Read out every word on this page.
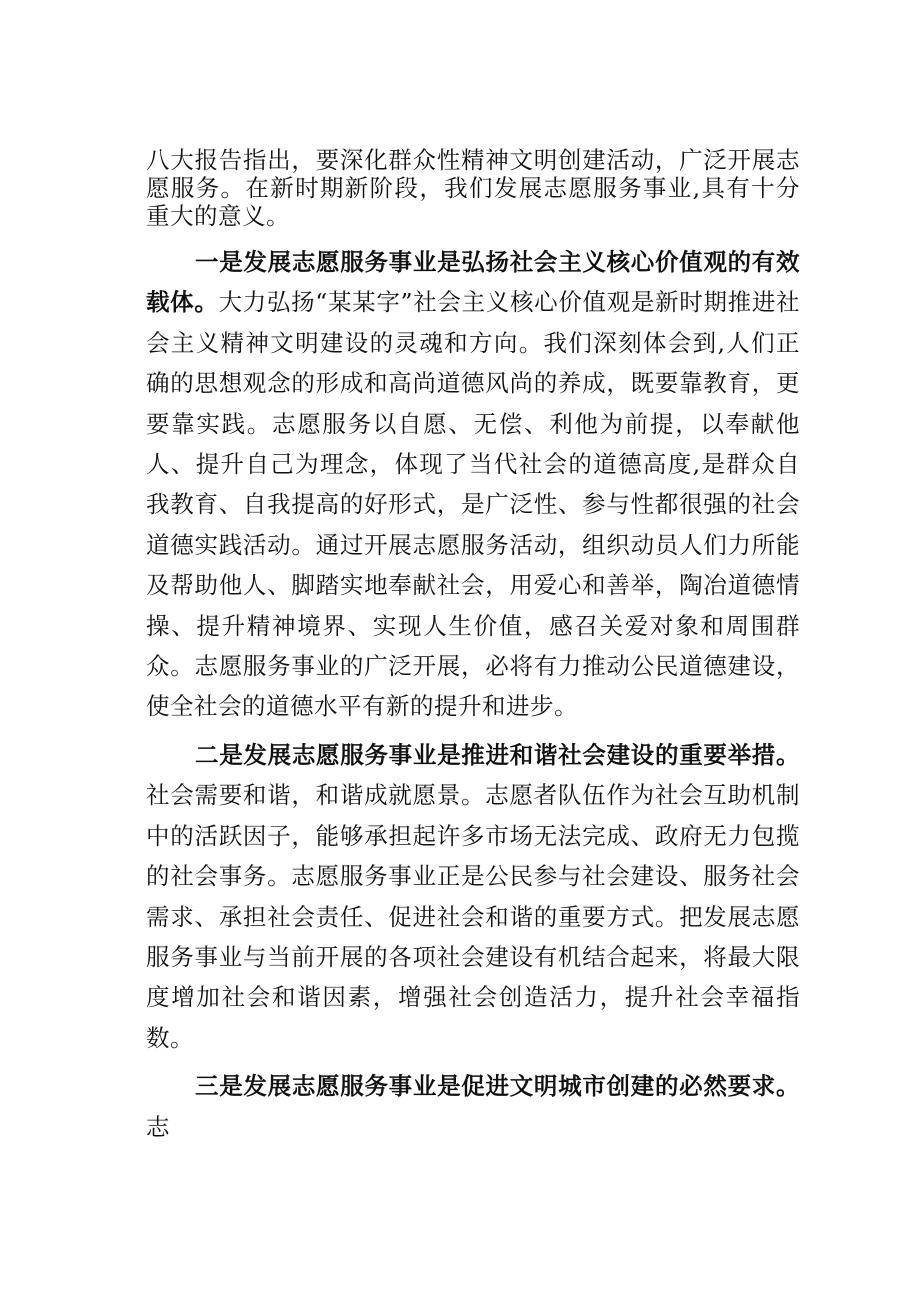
八大报告指出，要深化群众性精神文明创建活动，广泛开展志愿服务。在新时期新阶段，我们发展志愿服务事业,具有十分重大的意义。

一是发展志愿服务事业是弘扬社会主义核心价值观的有效载体。大力弘扬“某某字”社会主义核心价值观是新时期推进社会主义精神文明建设的灵魂和方向。我们深刻体会到,人们正确的思想观念的形成和高尚道德风尚的养成，既要靠教育，更要靠实践。志愿服务以自愿、无偿、利他为前提，以奉献他人、提升自己为理念，体现了当代社会的道德高度,是群众自我教育、自我提高的好形式，是广泛性、参与性都很强的社会道德实践活动。通过开展志愿服务活动，组织动员人们力所能及帮助他人、脚踏实地奉献社会，用爱心和善举，陶冶道德情操、提升精神境界、实现人生价值，感召关爱对象和周围群众。志愿服务事业的广泛开展，必将有力推动公民道德建设，使全社会的道德水平有新的提升和进步。

二是发展志愿服务事业是推进和谐社会建设的重要举措。社会需要和谐，和谐成就愿景。志愿者队伍作为社会互助机制中的活跃因子，能够承担起许多市场无法完成、政府无力包揽的社会事务。志愿服务事业正是公民参与社会建设、服务社会需求、承担社会责任、促进社会和谐的重要方式。把发展志愿服务事业与当前开展的各项社会建设有机结合起来，将最大限度增加社会和谐因素，增强社会创造活力，提升社会幸福指数。

三是发展志愿服务事业是促进文明城市创建的必然要求。志
